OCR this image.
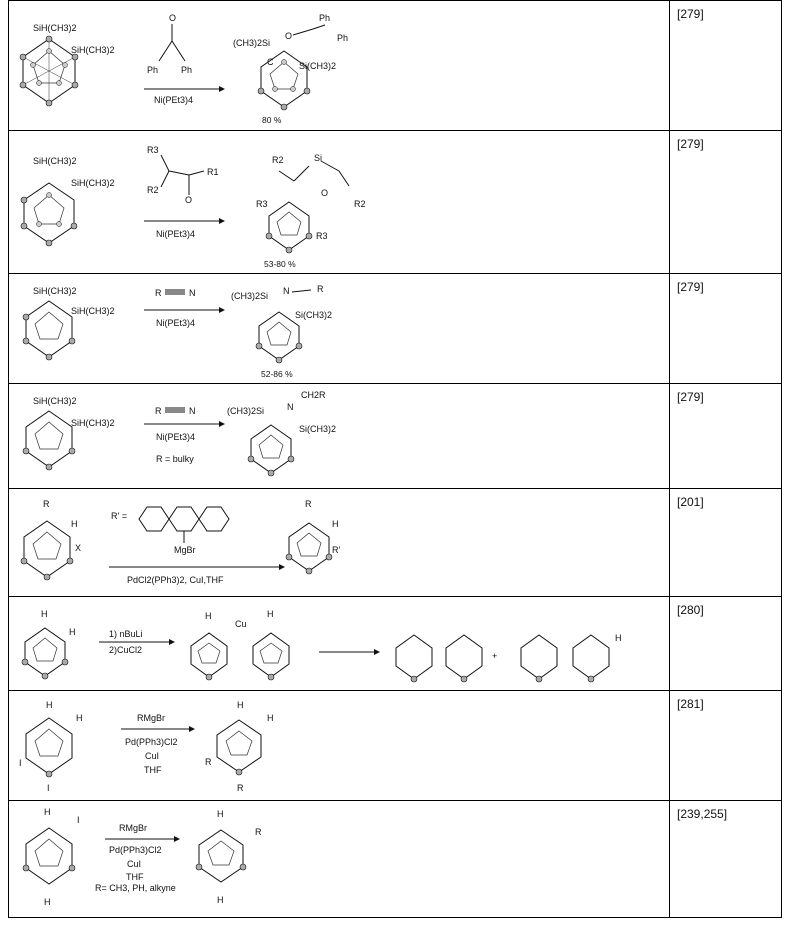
[279]
SiH(CH3)2
SiH(CH3)2
O
Ph	Ph
Ni(PEt3)4
(CH3)2Si
O
Ph
Ph
Si(CH3)2
C
80 %
[279]
SiH(CH3)2
SiH(CH3)2
R3
R2
R1
O
Ni(PEt3)4
R2
R3	R2
R3
Si
O
53-80 %
[279]
SiH(CH3)2
SiH(CH3)2
R	N
Ni(PEt3)4
(CH3)2Si N	R
Si(CH3)2
52-86 %
[279]
SiH(CH3)2
SiH(CH3)2
R	N
Ni(PEt3)4
R = bulky
(CH3)2Si	N
CH2R
Si(CH3)2
[201]
R
H
X
R' =
MgBr
PdCl2(PPh3)2, CuI,THF
R
H
R'
[280]
H
H	1) nBuLi
2)CuCl2
H
Cu
H
+
H
[281]
H
H
I
I
RMgBr
Pd(PPh3)Cl2
CuI
THF
H
H
R
R
[239,255]
H
H
I
RMgBr
Pd(PPh3)Cl2
CuI
THF
R= CH3, PH, alkyne
H
H
R
